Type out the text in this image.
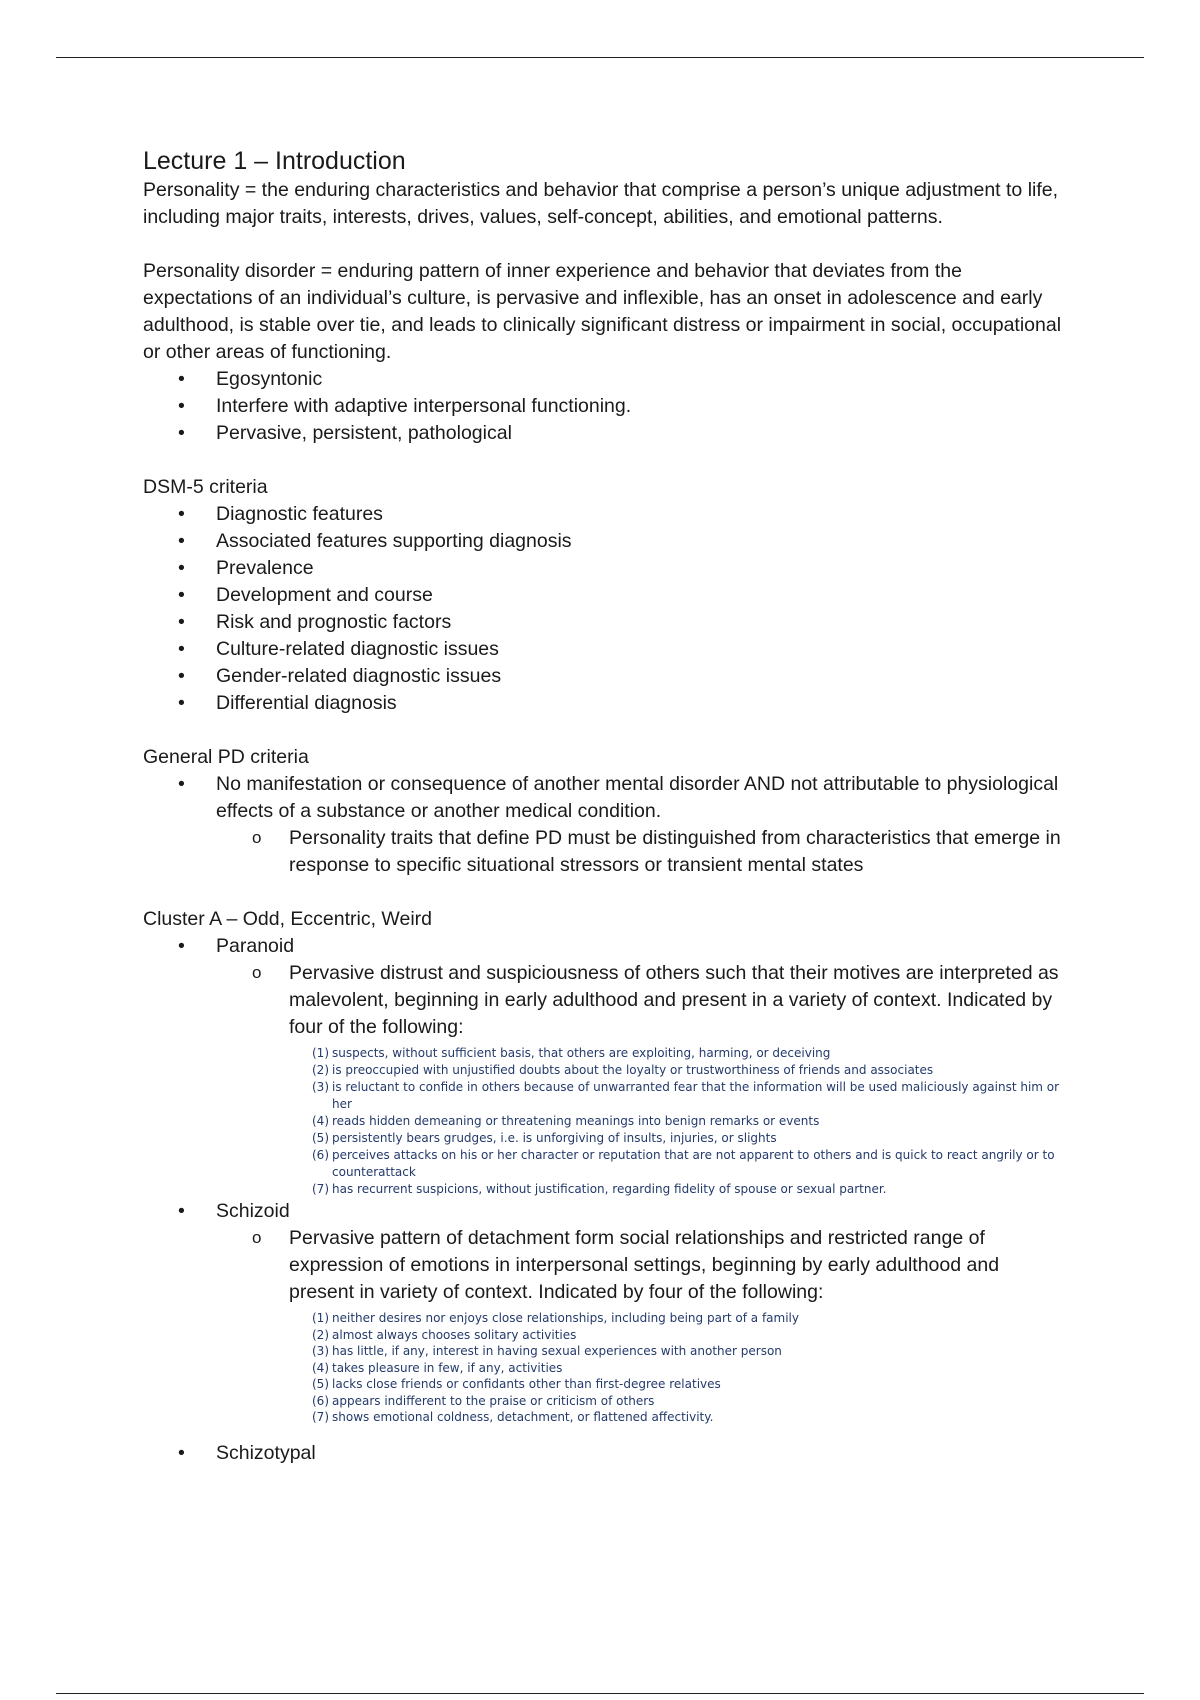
Lecture 1 – Introduction

Personality = the enduring characteristics and behavior that comprise a person’s unique adjustment to life, including major traits, interests, drives, values, self-concept, abilities, and emotional patterns.

Personality disorder = enduring pattern of inner experience and behavior that deviates from the expectations of an individual’s culture, is pervasive and inflexible, has an onset in adolescence and early adulthood, is stable over tie, and leads to clinically significant distress or impairment in social, occupational or other areas of functioning.

• Egosyntonic
• Interfere with adaptive interpersonal functioning.
• Pervasive, persistent, pathological

DSM-5 criteria

• Diagnostic features
• Associated features supporting diagnosis
• Prevalence
• Development and course
• Risk and prognostic factors
• Culture-related diagnostic issues
• Gender-related diagnostic issues
• Differential diagnosis

General PD criteria

• No manifestation or consequence of another mental disorder AND not attributable to physiological effects of a substance or another medical condition.
o Personality traits that define PD must be distinguished from characteristics that emerge in response to specific situational stressors or transient mental states

Cluster A – Odd, Eccentric, Weird

• Paranoid
o Pervasive distrust and suspiciousness of others such that their motives are interpreted as malevolent, beginning in early adulthood and present in a variety of context. Indicated by four of the following:
(1) suspects, without sufficient basis, that others are exploiting, harming, or deceiving
(2) is preoccupied with unjustified doubts about the loyalty or trustworthiness of friends and associates
(3) is reluctant to confide in others because of unwarranted fear that the information will be used maliciously against him or her
(4) reads hidden demeaning or threatening meanings into benign remarks or events
(5) persistently bears grudges, i.e. is unforgiving of insults, injuries, or slights
(6) perceives attacks on his or her character or reputation that are not apparent to others and is quick to react angrily or to counterattack
(7) has recurrent suspicions, without justification, regarding fidelity of spouse or sexual partner.
• Schizoid
o Pervasive pattern of detachment form social relationships and restricted range of expression of emotions in interpersonal settings, beginning by early adulthood and present in variety of context. Indicated by four of the following:
(1) neither desires nor enjoys close relationships, including being part of a family
(2) almost always chooses solitary activities
(3) has little, if any, interest in having sexual experiences with another person
(4) takes pleasure in few, if any, activities
(5) lacks close friends or confidants other than first-degree relatives
(6) appears indifferent to the praise or criticism of others
(7) shows emotional coldness, detachment, or flattened affectivity.
• Schizotypal
